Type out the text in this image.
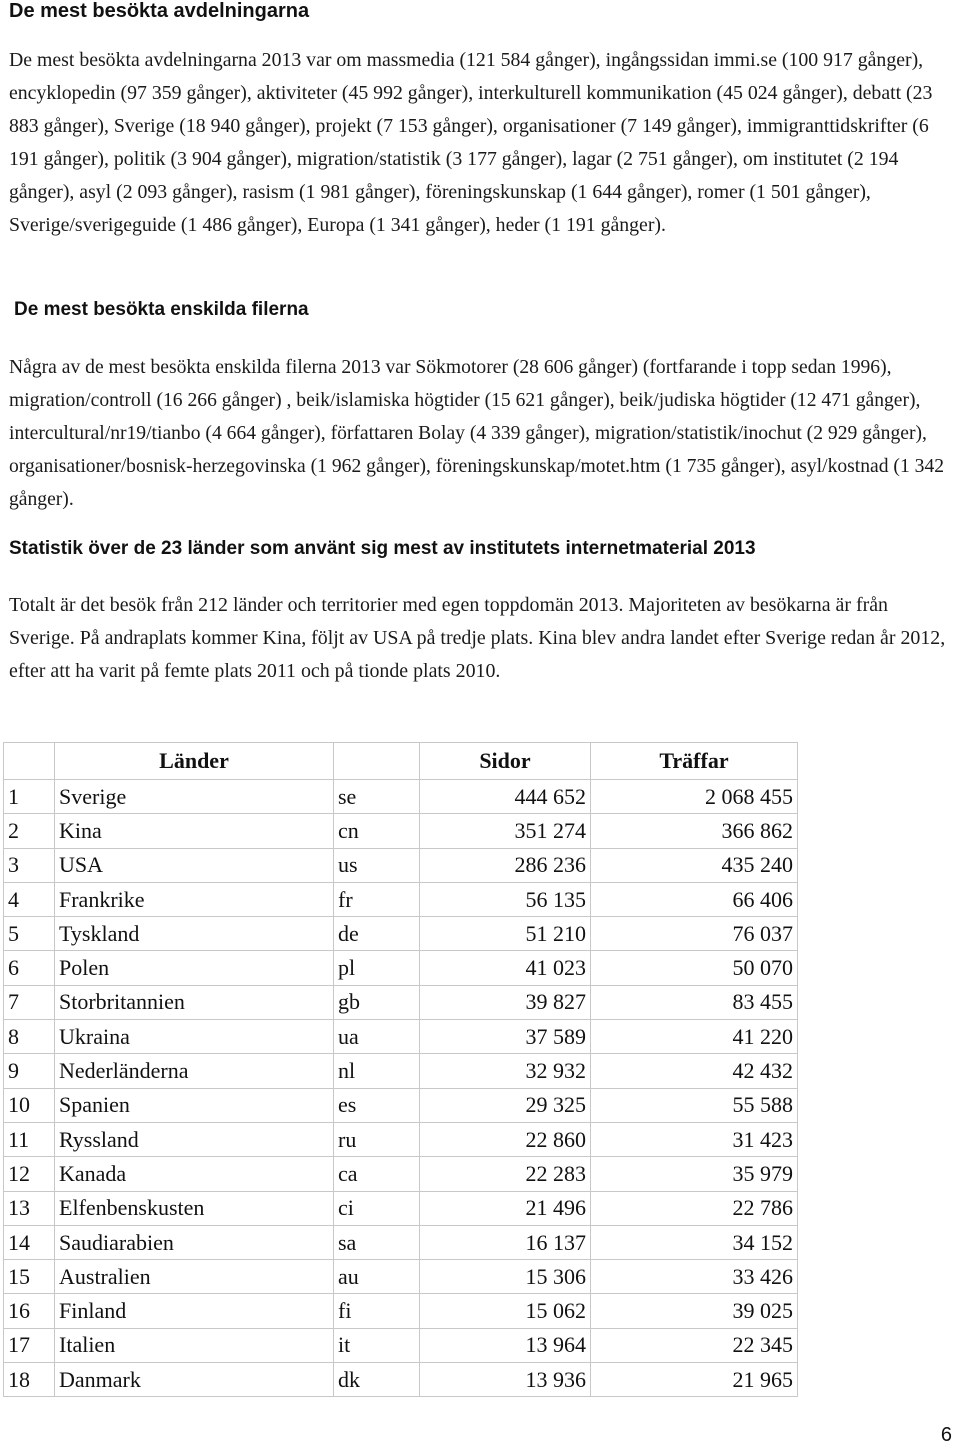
De mest besökta avdelningarna

De mest besökta avdelningarna 2013 var om massmedia (121 584 gånger), ingångssidan immi.se (100 917 gånger), encyklopedin (97 359 gånger), aktiviteter (45 992 gånger), interkulturell kommunikation (45 024 gånger), debatt (23 883 gånger), Sverige (18 940 gånger), projekt (7 153 gånger), organisationer (7 149 gånger), immigranttidskrifter (6 191 gånger), politik (3 904 gånger), migration/statistik (3 177 gånger), lagar (2 751 gånger), om institutet (2 194 gånger), asyl (2 093 gånger), rasism (1 981 gånger), föreningskunskap (1 644 gånger), romer (1 501 gånger), Sverige/sverigeguide (1 486 gånger), Europa (1 341 gånger), heder (1 191 gånger).

De mest besökta enskilda filerna

Några av de mest besökta enskilda filerna 2013 var Sökmotorer (28 606 gånger) (fortfarande i topp sedan 1996), migration/controll (16 266 gånger) , beik/islamiska högtider (15 621 gånger), beik/judiska högtider (12 471 gånger), intercultural/nr19/tianbo (4 664 gånger), författaren Bolay (4 339 gånger), migration/statistik/inochut (2 929 gånger), organisationer/bosnisk-herzegovinska (1 962 gånger), föreningskunskap/motet.htm (1 735 gånger), asyl/kostnad (1 342 gånger).

Statistik över de 23 länder som använt sig mest av institutets internetmaterial 2013

Totalt är det besök från 212 länder och territorier med egen toppdomän 2013. Majoriteten av besökarna är från Sverige. På andraplats kommer Kina, följt av USA på tredje plats. Kina blev andra landet efter Sverige redan år 2012, efter att ha varit på femte plats 2011 och på tionde plats 2010.

	Länder		Sidor	Träffar
1	Sverige	se	444 652	2 068 455
2	Kina	cn	351 274	366 862
3	USA	us	286 236	435 240
4	Frankrike	fr	56 135	66 406
5	Tyskland	de	51 210	76 037
6	Polen	pl	41 023	50 070
7	Storbritannien	gb	39 827	83 455
8	Ukraina	ua	37 589	41 220
9	Nederländerna	nl	32 932	42 432
10	Spanien	es	29 325	55 588
11	Ryssland	ru	22 860	31 423
12	Kanada	ca	22 283	35 979
13	Elfenbenskusten	ci	21 496	22 786
14	Saudiarabien	sa	16 137	34 152
15	Australien	au	15 306	33 426
16	Finland	fi	15 062	39 025
17	Italien	it	13 964	22 345
18	Danmark	dk	13 936	21 965
6
